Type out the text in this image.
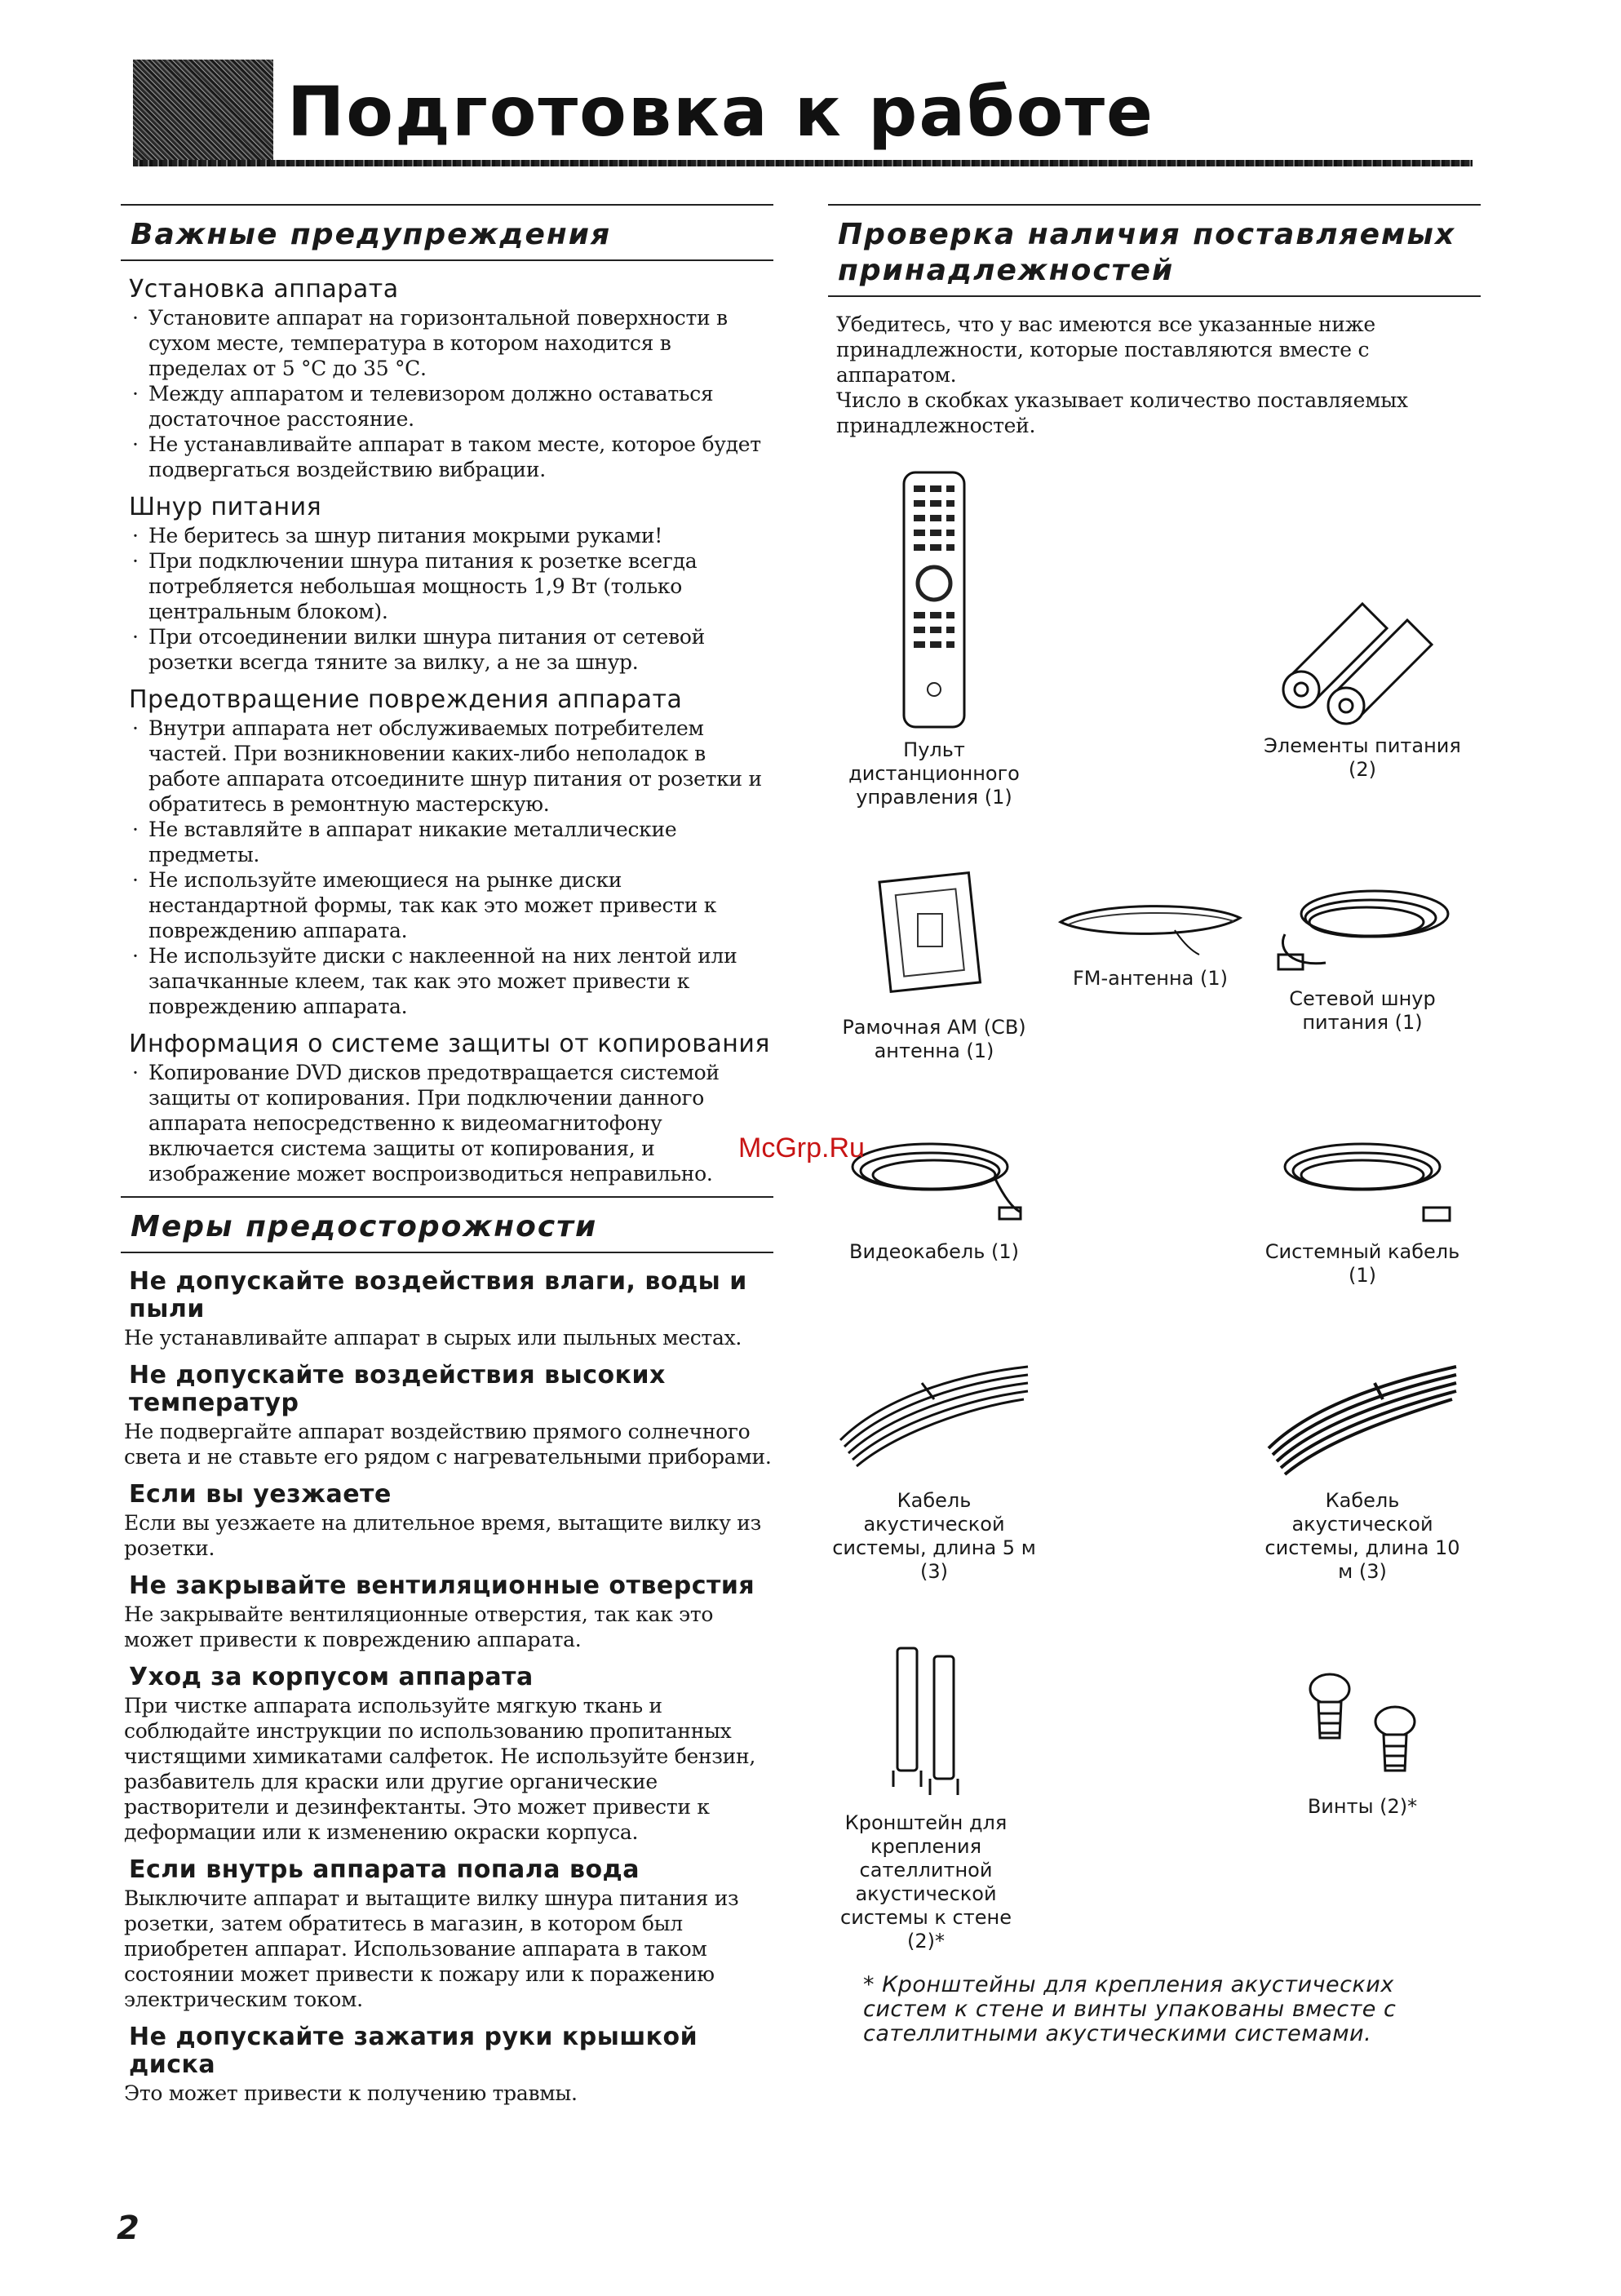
Подготовка к работе
Важные предупреждения
Установка аппарата
· Установите аппарат на горизонтальной поверхности в сухом месте, температура в котором находится в пределах от 5 °С до 35 °С.
· Между аппаратом и телевизором должно оставаться достаточное расстояние.
· Не устанавливайте аппарат в таком месте, которое будет подвергаться воздействию вибрации.
Шнур питания
· Не беритесь за шнур питания мокрыми руками!
· При подключении шнура питания к розетке всегда потребляется небольшая мощность 1,9 Вт (только центральным блоком).
· При отсоединении вилки шнура питания от сетевой розетки всегда тяните за вилку, а не за шнур.
Предотвращение повреждения аппарата
· Внутри аппарата нет обслуживаемых потребителем частей. При возникновении каких-либо неполадок в работе аппарата отсоедините шнур питания от розетки и обратитесь в ремонтную мастерскую.
· Не вставляйте в аппарат никакие металлические предметы.
· Не используйте имеющиеся на рынке диски нестандартной формы, так как это может привести к повреждению аппарата.
· Не используйте диски с наклеенной на них лентой или запачканные клеем, так как это может привести к повреждению аппарата.
Информация о системе защиты от копирования
· Копирование DVD дисков предотвращается системой защиты от копирования. При подключении данного аппарата непосредственно к видеомагнитофону включается система защиты от копирования, и изображение может воспроизводиться неправильно.
Меры предосторожности
Не допускайте воздействия влаги, воды и пыли

Не устанавливайте аппарат в сырых или пыльных местах.

Не допускайте воздействия высоких температур

Не подвергайте аппарат воздействию прямого солнечного света и не ставьте его рядом с нагревательными приборами.

Если вы уезжаете

Если вы уезжаете на длительное время, вытащите вилку из розетки.

Не закрывайте вентиляционные отверстия

Не закрывайте вентиляционные отверстия, так как это может привести к повреждению аппарата.

Уход за корпусом аппарата

При чистке аппарата используйте мягкую ткань и соблюдайте инструкции по использованию пропитанных чистящими химикатами салфеток. Не используйте бензин, разбавитель для краски или другие органические растворители и дезинфектанты. Это может привести к деформации или к изменению окраски корпуса.

Если внутрь аппарата попала вода

Выключите аппарат и вытащите вилку шнура питания из розетки, затем обратитесь в магазин, в котором был приобретен аппарат. Использование аппарата в таком состоянии может привести к пожару или к поражению электрическим током.

Не допускайте зажатия руки крышкой диска

Это может привести к получению травмы.

Проверка наличия поставляемых принадлежностей

Убедитесь, что у вас имеются все указанные ниже принадлежности, которые поставляются вместе с аппаратом.

Число в скобках указывает количество поставляемых принадлежностей.

Пульт дистанционного управления (1)
Элементы питания (2)
Рамочная АМ (СВ) антенна (1)
FM-антенна (1)
Сетевой шнур питания (1)
Видеокабель (1)	Системный кабель (1)
Кабель акустической системы, длина 5 м (3)
Кабель акустической системы, длина 10 м (3)
Кронштейн для крепления сателлитной акустической системы к стене (2)*
Винты (2)*
* Кронштейны для крепления акустических систем к стене и винты упакованы вместе с сателлитными акустическими системами.
McGrp.Ru
2
